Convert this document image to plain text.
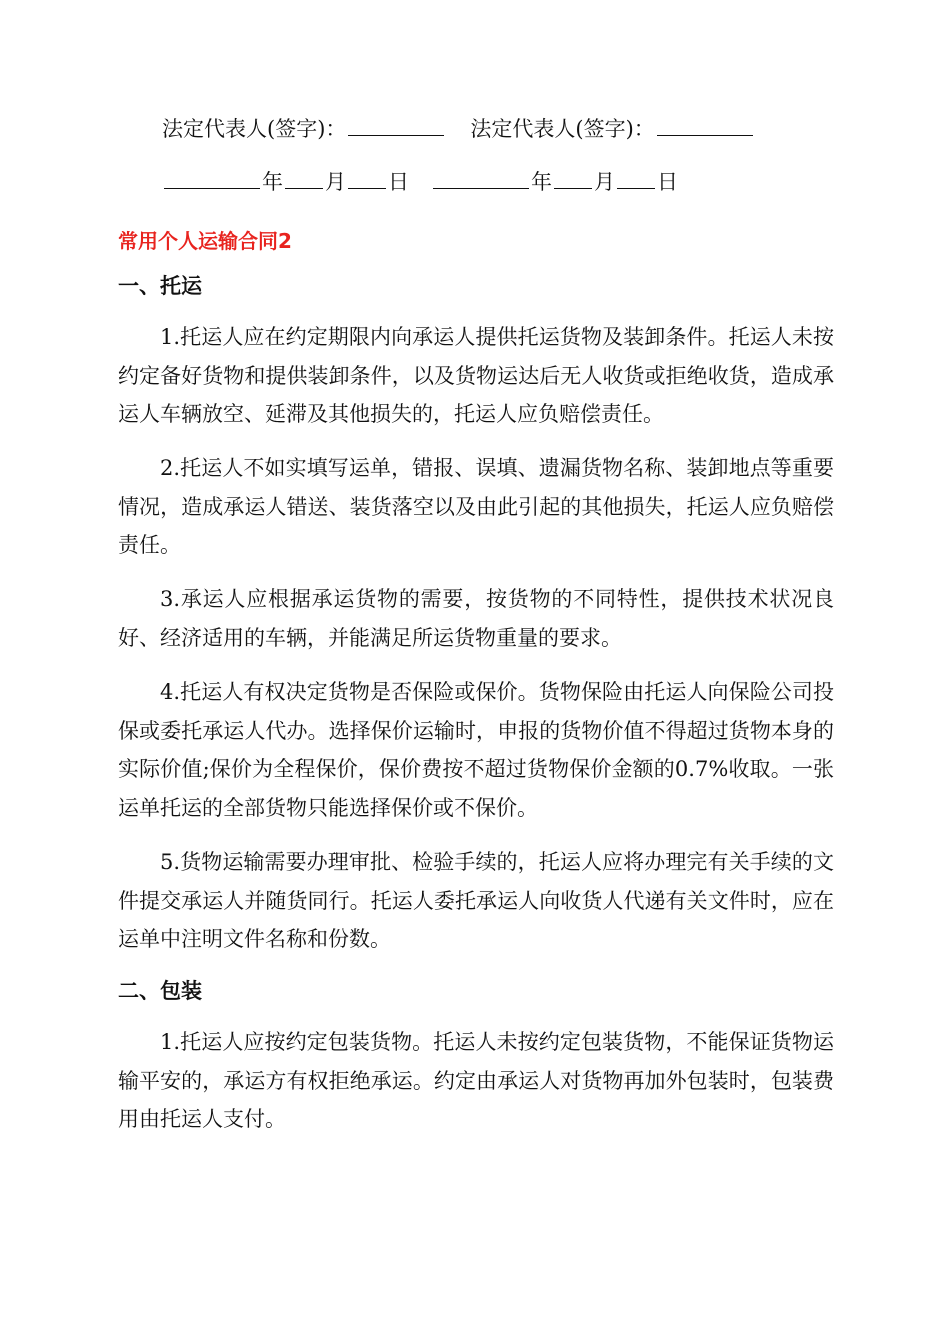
法定代表人(签字)：	法定代表人(签字)：
年 月 日	年 月 日
常用个人运输合同2
一、托运

1.托运人应在约定期限内向承运人提供托运货物及装卸条件。托运人未按约定备好货物和提供装卸条件，以及货物运达后无人收货或拒绝收货，造成承运人车辆放空、延滞及其他损失的，托运人应负赔偿责任。

2.托运人不如实填写运单，错报、误填、遗漏货物名称、装卸地点等重要情况，造成承运人错送、装货落空以及由此引起的其他损失，托运人应负赔偿责任。

3.承运人应根据承运货物的需要，按货物的不同特性，提供技术状况良好、经济适用的车辆，并能满足所运货物重量的要求。

4.托运人有权决定货物是否保险或保价。货物保险由托运人向保险公司投保或委托承运人代办。选择保价运输时，申报的货物价值不得超过货物本身的实际价值;保价为全程保价，保价费按不超过货物保价金额的0.7%收取。一张运单托运的全部货物只能选择保价或不保价。

5.货物运输需要办理审批、检验手续的，托运人应将办理完有关手续的文件提交承运人并随货同行。托运人委托承运人向收货人代递有关文件时，应在运单中注明文件名称和份数。

二、包装

1.托运人应按约定包装货物。托运人未按约定包装货物，不能保证货物运输平安的，承运方有权拒绝承运。约定由承运人对货物再加外包装时，包装费用由托运人支付。
